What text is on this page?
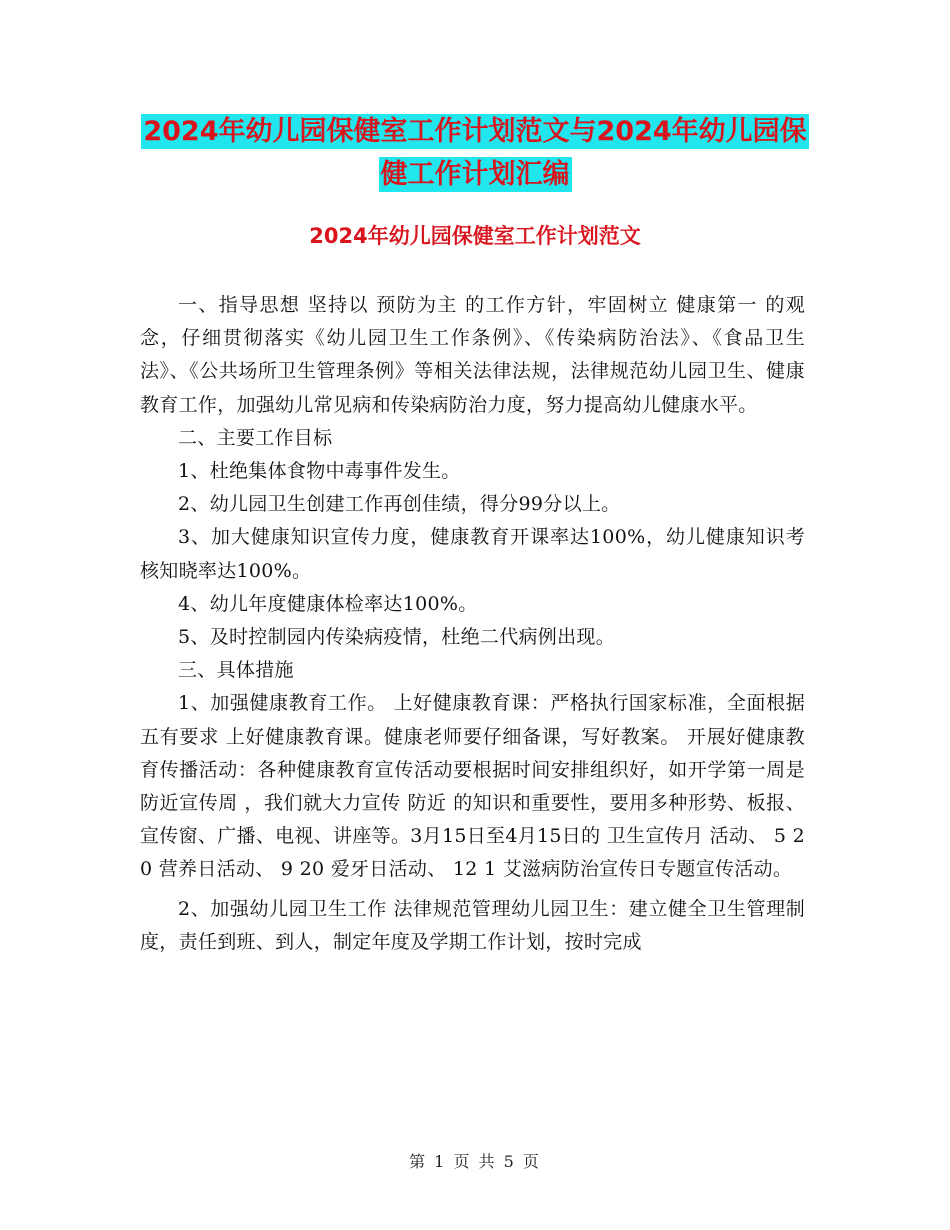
2024年幼儿园保健室工作计划范文与2024年幼儿园保
健工作计划汇编
2024年幼儿园保健室工作计划范文

一、指导思想 坚持以 预防为主 的工作方针，牢固树立 健康第一 的观念，仔细贯彻落实《幼儿园卫生工作条例》、《传染病防治法》、《食品卫生法》、《公共场所卫生管理条例》等相关法律法规，法律规范幼儿园卫生、健康教育工作，加强幼儿常见病和传染病防治力度，努力提高幼儿健康水平。

二、主要工作目标

1、杜绝集体食物中毒事件发生。

2、幼儿园卫生创建工作再创佳绩，得分99分以上。

3、加大健康知识宣传力度，健康教育开课率达100%，幼儿健康知识考核知晓率达100%。

4、幼儿年度健康体检率达100%。

5、及时控制园内传染病疫情，杜绝二代病例出现。

三、具体措施

1、加强健康教育工作。 上好健康教育课：严格执行国家标准，全面根据 五有要求 上好健康教育课。健康老师要仔细备课，写好教案。 开展好健康教育传播活动：各种健康教育宣传活动要根据时间安排组织好，如开学第一周是 防近宣传周 ，我们就大力宣传 防近 的知识和重要性，要用多种形势、板报、宣传窗、广播、电视、讲座等。3月15日至4月15日的 卫生宣传月 活动、 5 20 营养日活动、 9 20 爱牙日活动、 12 1 艾滋病防治宣传日专题宣传活动。

2、加强幼儿园卫生工作 法律规范管理幼儿园卫生：建立健全卫生管理制度，责任到班、到人，制定年度及学期工作计划，按时完成

第 1 页 共 5 页
